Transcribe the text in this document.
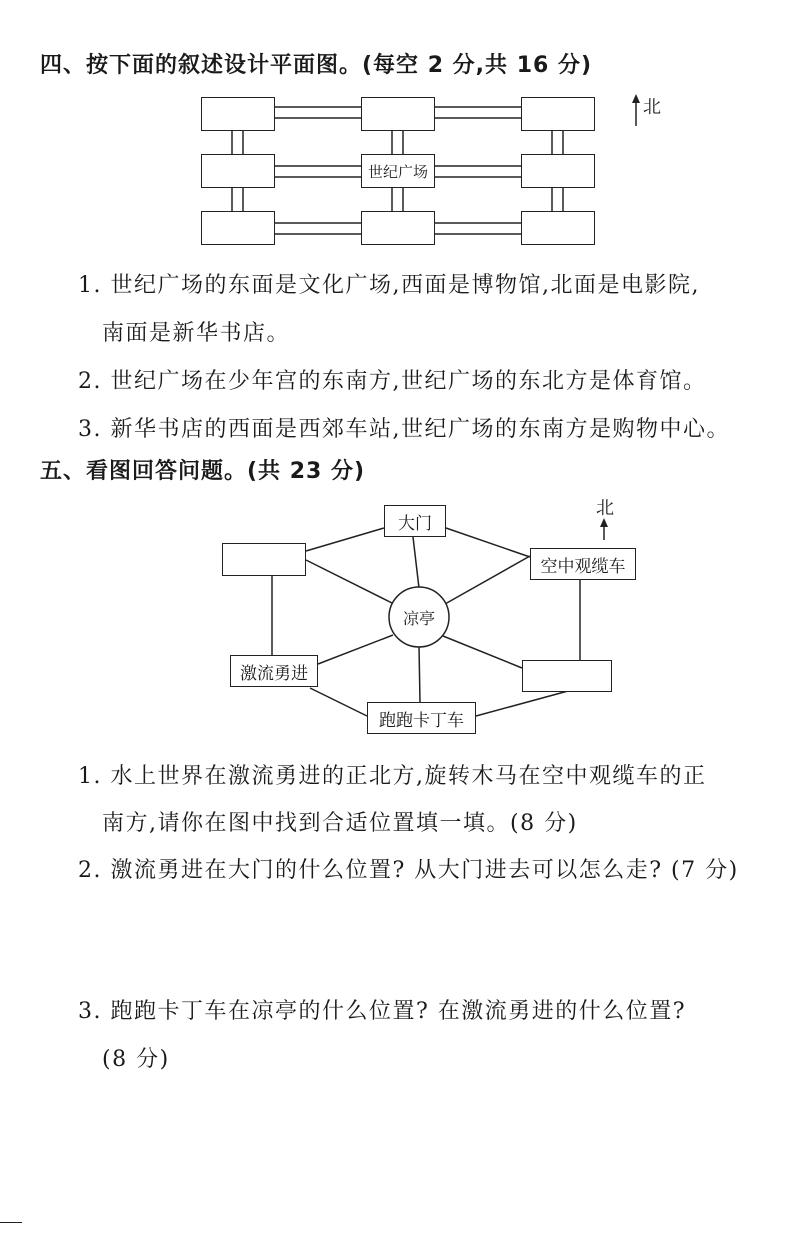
四、按下面的叙述设计平面图。(每空 2 分,共 16 分)
北
世纪广场
1. 世纪广场的东面是文化广场,西面是博物馆,北面是电影院,
南面是新华书店。
2. 世纪广场在少年宫的东南方,世纪广场的东北方是体育馆。
3. 新华书店的西面是西郊车站,世纪广场的东南方是购物中心。
五、看图回答问题。(共 23 分)
北
大门
空中观缆车
凉亭
激流勇进
跑跑卡丁车
1. 水上世界在激流勇进的正北方,旋转木马在空中观缆车的正
南方,请你在图中找到合适位置填一填。(8 分)
2. 激流勇进在大门的什么位置? 从大门进去可以怎么走? (7 分)
3. 跑跑卡丁车在凉亭的什么位置? 在激流勇进的什么位置?
(8 分)
